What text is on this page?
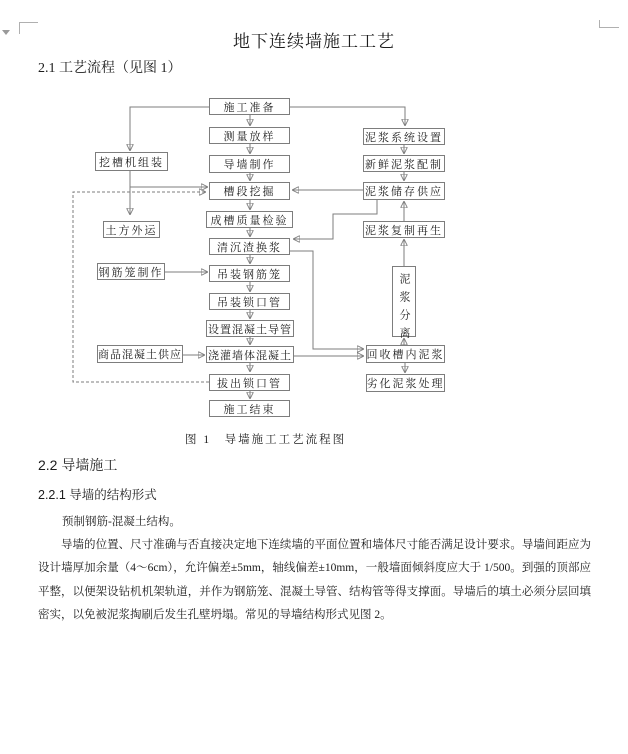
地下连续墙施工工艺
2.1 工艺流程（见图 1）
图 1　导墙施工工艺流程图
2.2 导墙施工
2.2.1 导墙的结构形式
预制钢筋-混凝土结构。
导墙的位置、尺寸准确与否直接决定地下连续墙的平面位置和墙体尺寸能否满足设计要求。导墙间距应为设计墙厚加余量（4～6cm），允许偏差±5mm，轴线偏差±10mm，一般墙面倾斜度应大于 1/500。到强的顶部应平整，以便架设钻机机架轨道，并作为钢筋笼、混凝土导管、结构管等得支撑面。导墙后的填土必须分层回填密实，以免被泥浆掏刷后发生孔壁坍塌。常见的导墙结构形式见图 2。
施工准备
测量放样
导墙制作
槽段挖掘
成槽质量检验
清沉渣换浆
吊装钢筋笼
吊装锁口管
设置混凝土导管
浇灌墙体混凝土
拔出锁口管
施工结束
挖槽机组装
土方外运
钢筋笼制作
商品混凝土供应
泥浆系统设置
新鲜泥浆配制
泥浆储存供应
泥浆复制再生
泥浆分离
回收槽内泥浆
劣化泥浆处理
